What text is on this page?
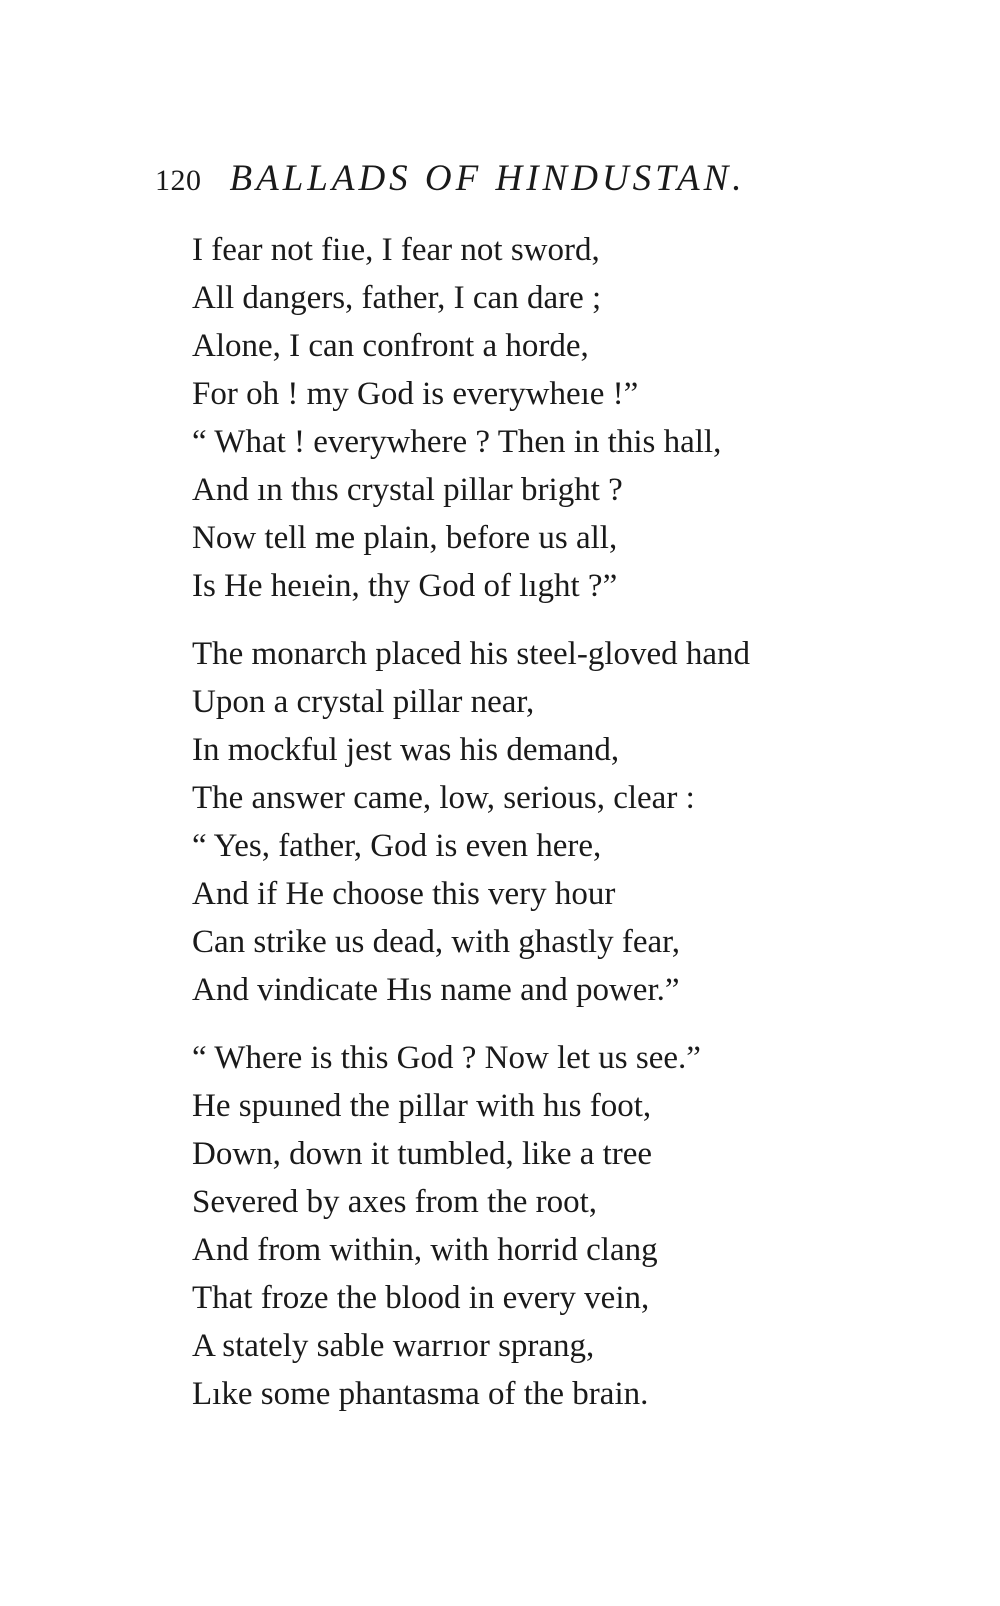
120 BALLADS OF HINDUSTAN.
I fear not fiıe, I fear not sword,
All dangers, father, I can dare ;
Alone, I can confront a horde,
For oh ! my God is everywheıe !”
“ What ! everywhere ? Then in this hall,
And ın thıs crystal pillar bright ?
Now tell me plain, before us all,
Is He heıein, thy God of lıght ?”
The monarch placed his steel-gloved hand
Upon a crystal pillar near,
In mockful jest was his demand,
The answer came, low, serious, clear :
“ Yes, father, God is even here,
And if He choose this very hour
Can strike us dead, with ghastly fear,
And vindicate Hıs name and power.”
“ Where is this God ? Now let us see.”
He spuıned the pillar with hıs foot,
Down, down it tumbled, like a tree
Severed by axes from the root,
And from within, with horrid clang
That froze the blood in every vein,
A stately sable warrıor sprang,
Lıke some phantasma of the brain.
